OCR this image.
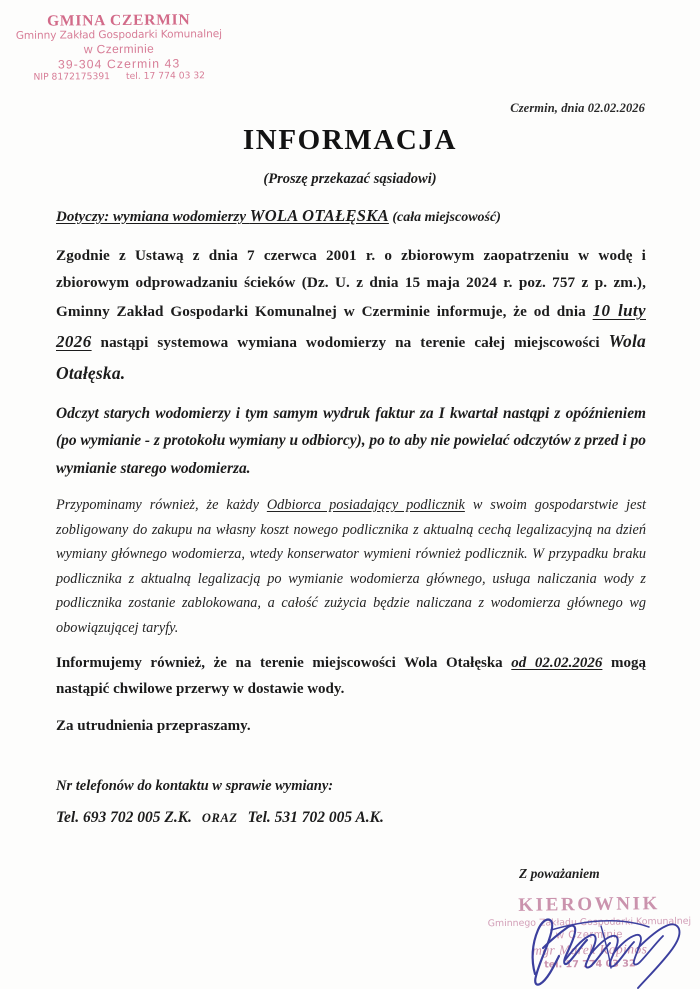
GMINA CZERMIN
Gminny Zakład Gospodarki Komunalnej
w Czerminie
39-304 Czermin 43
NIP 8172175391 tel. 17 774 03 32
Czermin, dnia 02.02.2026
INFORMACJA
(Proszę przekazać sąsiadowi)
Dotyczy: wymiana wodomierzy WOLA OTAŁĘSKA (cała miejscowość)

Zgodnie z Ustawą z dnia 7 czerwca 2001 r. o zbiorowym zaopatrzeniu w wodę i zbiorowym odprowadzaniu ścieków (Dz. U. z dnia 15 maja 2024 r. poz. 757 z p. zm.), Gminny Zakład Gospodarki Komunalnej w Czerminie informuje, że od dnia 10 luty 2026 nastąpi systemowa wymiana wodomierzy na terenie całej miejscowości Wola Otałęska.

Odczyt starych wodomierzy i tym samym wydruk faktur za I kwartał nastąpi z opóźnieniem (po wymianie - z protokołu wymiany u odbiorcy), po to aby nie powielać odczytów z przed i po wymianie starego wodomierza.

Przypominamy również, że każdy Odbiorca posiadający podlicznik w swoim gospodarstwie jest zobligowany do zakupu na własny koszt nowego podlicznika z aktualną cechą legalizacyjną na dzień wymiany głównego wodomierza, wtedy konserwator wymieni również podlicznik. W przypadku braku podlicznika z aktualną legalizacją po wymianie wodomierza głównego, usługa naliczania wody z podlicznika zostanie zablokowana, a całość zużycia będzie naliczana z wodomierza głównego wg obowiązującej taryfy.

Informujemy również, że na terenie miejscowości Wola Otałęska od 02.02.2026 mogą nastąpić chwilowe przerwy w dostawie wody.

Za utrudnienia przepraszamy.

Nr telefonów do kontaktu w sprawie wymiany:
Tel. 693 702 005 Z.K. ORAZ Tel. 531 702 005 A.K.
Z poważaniem
KIEROWNIK
Gminnego Zakładu Gospodarki Komunalnej
w Czerminie
mgr Marek Kapinos
tel. 17 774 03 32
